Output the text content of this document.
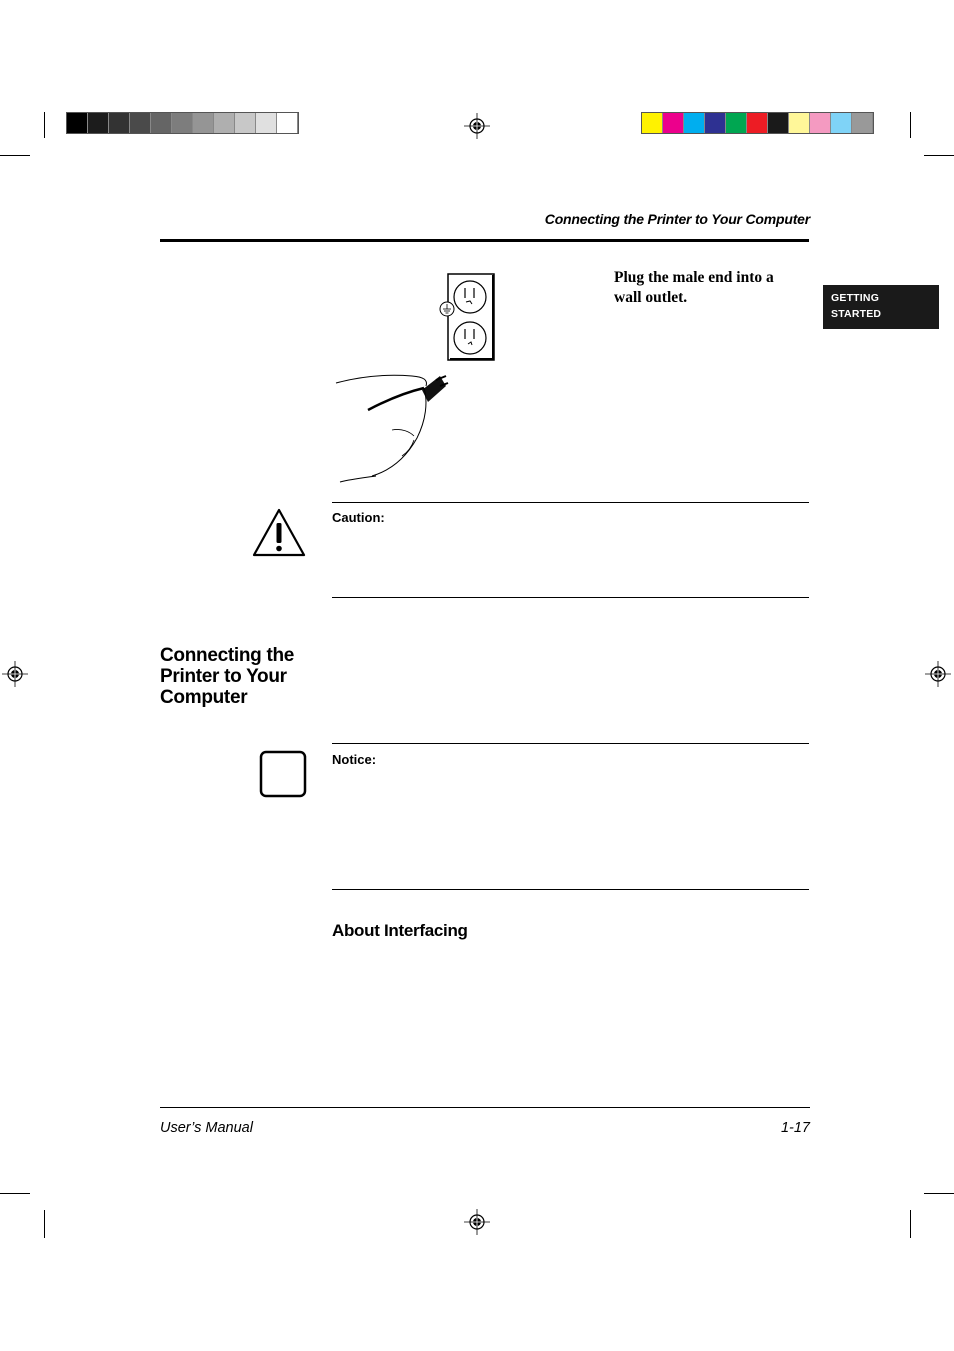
Connecting the Printer to Your Computer
GETTING
STARTED
Plug the male end into a wall outlet.
Caution:
Connecting the Printer to Your Computer
Notice:
About Interfacing
User’s Manual	1-17
